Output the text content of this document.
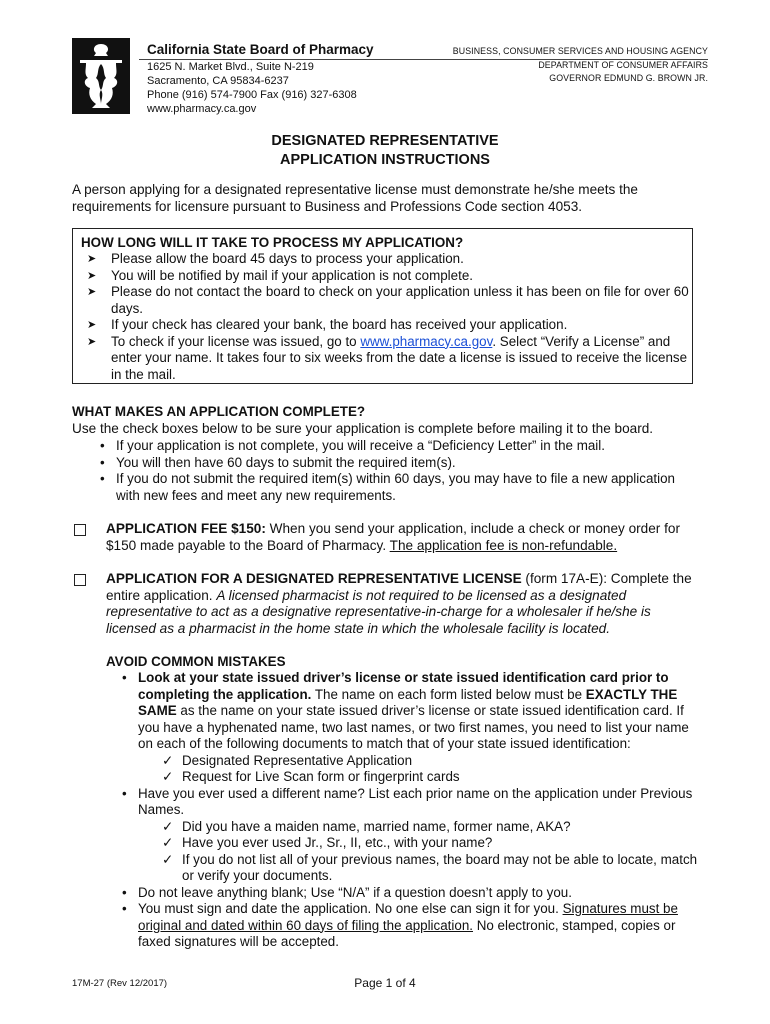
California State Board of Pharmacy
1625 N. Market Blvd., Suite N-219
Sacramento, CA 95834-6237
Phone (916) 574-7900 Fax (916) 327-6308
www.pharmacy.ca.gov
BUSINESS, CONSUMER SERVICES AND HOUSING AGENCY
DEPARTMENT OF CONSUMER AFFAIRS
GOVERNOR EDMUND G. BROWN JR.
DESIGNATED REPRESENTATIVE
APPLICATION INSTRUCTIONS
A person applying for a designated representative license must demonstrate he/she meets the requirements for licensure pursuant to Business and Professions Code section 4053.
HOW LONG WILL IT TAKE TO PROCESS MY APPLICATION?
➤ Please allow the board 45 days to process your application.
➤ You will be notified by mail if your application is not complete.
➤ Please do not contact the board to check on your application unless it has been on file for over 60 days.
➤ If your check has cleared your bank, the board has received your application.
➤ To check if your license was issued, go to www.pharmacy.ca.gov. Select “Verify a License” and enter your name. It takes four to six weeks from the date a license is issued to receive the license in the mail.
WHAT MAKES AN APPLICATION COMPLETE?
Use the check boxes below to be sure your application is complete before mailing it to the board.
• If your application is not complete, you will receive a “Deficiency Letter” in the mail.
• You will then have 60 days to submit the required item(s).
• If you do not submit the required item(s) within 60 days, you may have to file a new application with new fees and meet any new requirements.
APPLICATION FEE $150: When you send your application, include a check or money order for $150 made payable to the Board of Pharmacy. The application fee is non-refundable.
APPLICATION FOR A DESIGNATED REPRESENTATIVE LICENSE (form 17A-E): Complete the entire application. A licensed pharmacist is not required to be licensed as a designated representative to act as a designative representative-in-charge for a wholesaler if he/she is licensed as a pharmacist in the home state in which the wholesale facility is located.
AVOID COMMON MISTAKES
• Look at your state issued driver’s license or state issued identification card prior to completing the application. The name on each form listed below must be EXACTLY THE SAME as the name on your state issued driver’s license or state issued identification card. If you have a hyphenated name, two last names, or two first names, you need to list your name on each of the following documents to match that of your state issued identification:
✓ Designated Representative Application
✓ Request for Live Scan form or fingerprint cards
• Have you ever used a different name? List each prior name on the application under Previous Names.
✓ Did you have a maiden name, married name, former name, AKA?
✓ Have you ever used Jr., Sr., II, etc., with your name?
✓ If you do not list all of your previous names, the board may not be able to locate, match or verify your documents.
• Do not leave anything blank; Use “N/A” if a question doesn’t apply to you.
• You must sign and date the application. No one else can sign it for you. Signatures must be original and dated within 60 days of filing the application. No electronic, stamped, copies or faxed signatures will be accepted.
17M-27 (Rev 12/2017)	Page 1 of 4
